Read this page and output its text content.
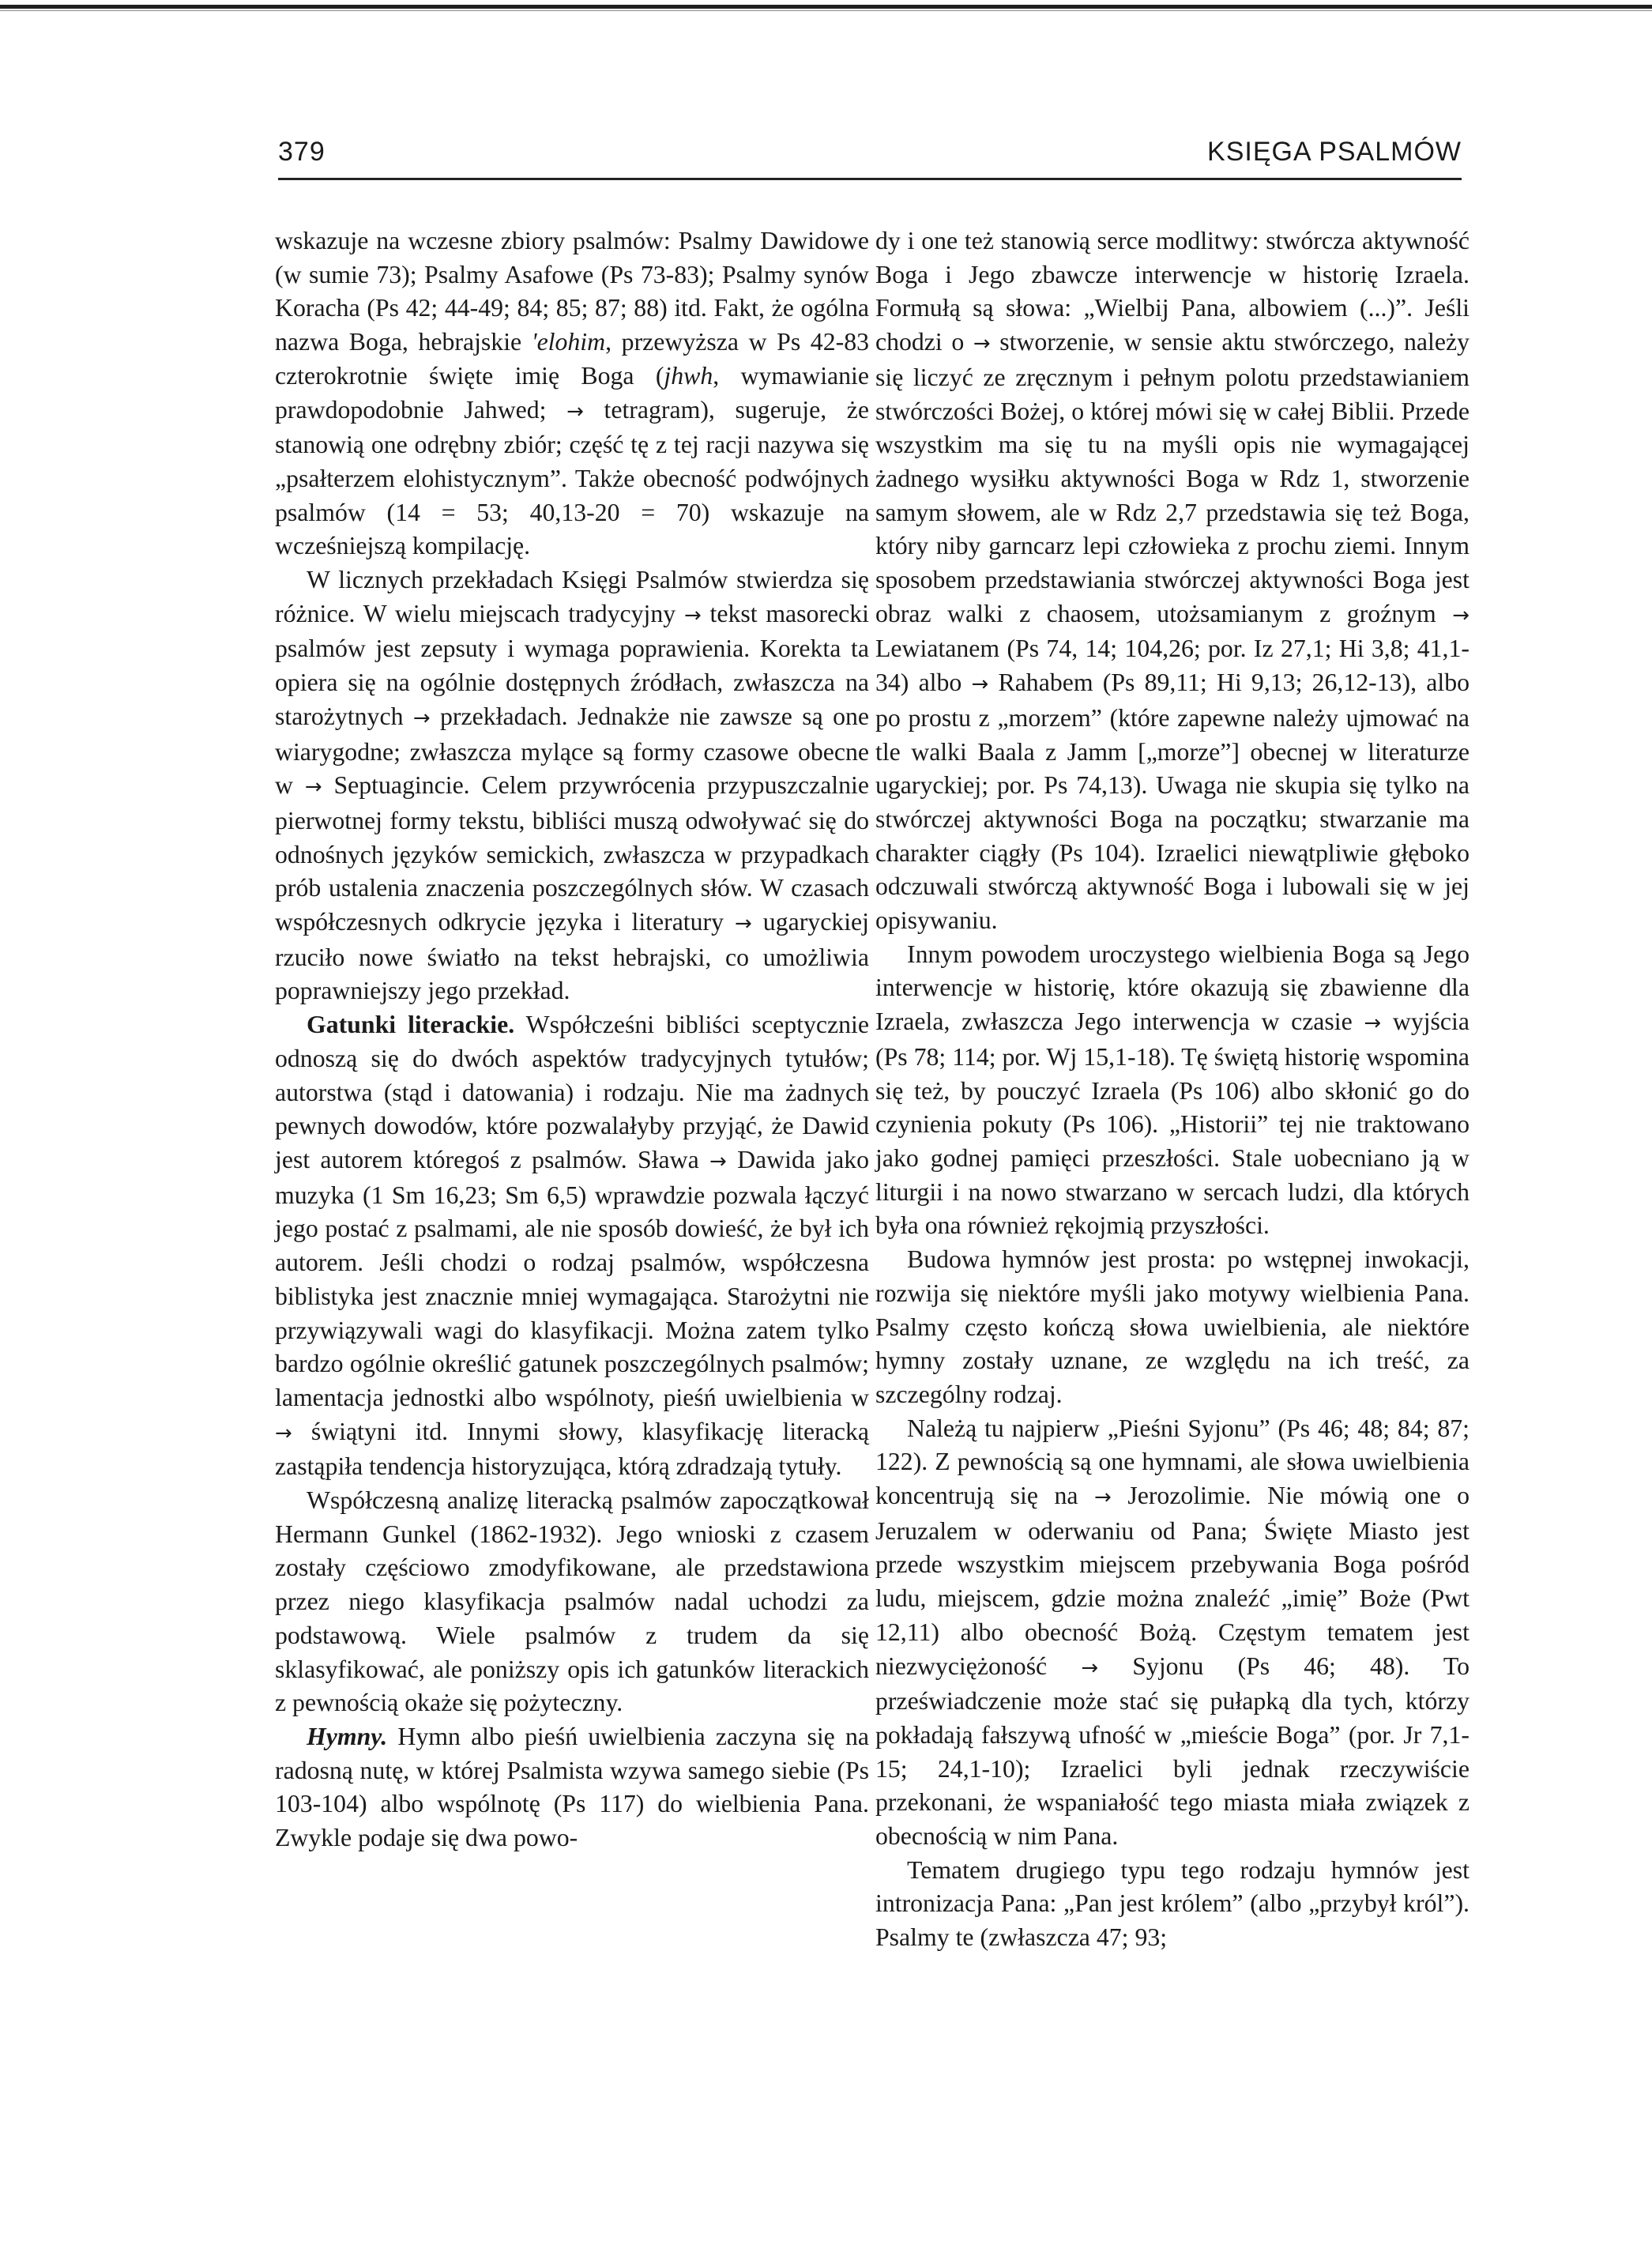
379	KSIĘGA PSALMÓW

wskazuje na wczesne zbiory psalmów: Psalmy Dawidowe (w sumie 73); Psalmy Asafowe (Ps 73-83); Psalmy synów Koracha (Ps 42; 44-49; 84; 85; 87; 88) itd. Fakt, że ogólna nazwa Boga, hebrajskie 'elohim, przewyższa w Ps 42-83 czterokrotnie święte imię Boga (jhwh, wymawianie prawdopodobnie Jahwed; → tetragram), sugeruje, że stanowią one odrębny zbiór; część tę z tej racji nazywa się „psałterzem elohistycznym”. Także obecność podwójnych psalmów (14 = 53; 40,13-20 = 70) wskazuje na wcześniejszą kompilację.

W licznych przekładach Księgi Psalmów stwierdza się różnice. W wielu miejscach tradycyjny → tekst masorecki psalmów jest zepsuty i wymaga poprawienia. Korekta ta opiera się na ogólnie dostępnych źródłach, zwłaszcza na starożytnych → przekładach. Jednakże nie zawsze są one wiarygodne; zwłaszcza mylące są formy czasowe obecne w → Septuagincie. Celem przywrócenia przypuszczalnie pierwotnej formy tekstu, bibliści muszą odwoływać się do odnośnych języków semickich, zwłaszcza w przypadkach prób ustalenia znaczenia poszczególnych słów. W czasach współczesnych odkrycie języka i literatury → ugaryckiej rzuciło nowe światło na tekst hebrajski, co umożliwia poprawniejszy jego przekład.

Gatunki literackie. Współcześni bibliści sceptycznie odnoszą się do dwóch aspektów tradycyjnych tytułów; autorstwa (stąd i datowania) i rodzaju. Nie ma żadnych pewnych dowodów, które pozwalałyby przyjąć, że Dawid jest autorem któregoś z psalmów. Sława → Dawida jako muzyka (1 Sm 16,23; Sm 6,5) wprawdzie pozwala łączyć jego postać z psalmami, ale nie sposób dowieść, że był ich autorem. Jeśli chodzi o rodzaj psalmów, współczesna biblistyka jest znacznie mniej wymagająca. Starożytni nie przywiązywali wagi do klasyfikacji. Można zatem tylko bardzo ogólnie określić gatunek poszczególnych psalmów; lamentacja jednostki albo wspólnoty, pieśń uwielbienia w → świątyni itd. Innymi słowy, klasyfikację literacką zastąpiła tendencja historyzująca, którą zdradzają tytuły.

Współczesną analizę literacką psalmów zapoczątkował Hermann Gunkel (1862-1932). Jego wnioski z czasem zostały częściowo zmodyfikowane, ale przedstawiona przez niego klasyfikacja psalmów nadal uchodzi za podstawową. Wiele psalmów z trudem da się sklasyfikować, ale poniższy opis ich gatunków literackich z pewnością okaże się pożyteczny.

Hymny. Hymn albo pieśń uwielbienia zaczyna się na radosną nutę, w której Psalmista wzywa samego siebie (Ps 103-104) albo wspólnotę (Ps 117) do wielbienia Pana. Zwykle podaje się dwa powo-

dy i one też stanowią serce modlitwy: stwórcza aktywność Boga i Jego zbawcze interwencje w historię Izraela. Formułą są słowa: „Wielbij Pana, albowiem (...)”. Jeśli chodzi o → stworzenie, w sensie aktu stwórczego, należy się liczyć ze zręcznym i pełnym polotu przedstawianiem stwórczości Bożej, o której mówi się w całej Biblii. Przede wszystkim ma się tu na myśli opis nie wymagającej żadnego wysiłku aktywności Boga w Rdz 1, stworzenie samym słowem, ale w Rdz 2,7 przedstawia się też Boga, który niby garncarz lepi człowieka z prochu ziemi. Innym sposobem przedstawiania stwórczej aktywności Boga jest obraz walki z chaosem, utożsamianym z groźnym → Lewiatanem (Ps 74, 14; 104,26; por. Iz 27,1; Hi 3,8; 41,1-34) albo → Rahabem (Ps 89,11; Hi 9,13; 26,12-13), albo po prostu z „morzem” (które zapewne należy ujmować na tle walki Baala z Jamm [„morze”] obecnej w literaturze ugaryckiej; por. Ps 74,13). Uwaga nie skupia się tylko na stwórczej aktywności Boga na początku; stwarzanie ma charakter ciągły (Ps 104). Izraelici niewątpliwie głęboko odczuwali stwórczą aktywność Boga i lubowali się w jej opisywaniu.

Innym powodem uroczystego wielbienia Boga są Jego interwencje w historię, które okazują się zbawienne dla Izraela, zwłaszcza Jego interwencja w czasie → wyjścia (Ps 78; 114; por. Wj 15,1-18). Tę świętą historię wspomina się też, by pouczyć Izraela (Ps 106) albo skłonić go do czynienia pokuty (Ps 106). „Historii” tej nie traktowano jako godnej pamięci przeszłości. Stale uobecniano ją w liturgii i na nowo stwarzano w sercach ludzi, dla których była ona również rękojmią przyszłości.

Budowa hymnów jest prosta: po wstępnej inwokacji, rozwija się niektóre myśli jako motywy wielbienia Pana. Psalmy często kończą słowa uwielbienia, ale niektóre hymny zostały uznane, ze względu na ich treść, za szczególny rodzaj.

Należą tu najpierw „Pieśni Syjonu” (Ps 46; 48; 84; 87; 122). Z pewnością są one hymnami, ale słowa uwielbienia koncentrują się na → Jerozolimie. Nie mówią one o Jeruzalem w oderwaniu od Pana; Święte Miasto jest przede wszystkim miejscem przebywania Boga pośród ludu, miejscem, gdzie można znaleźć „imię” Boże (Pwt 12,11) albo obecność Bożą. Częstym tematem jest niezwyciężoność → Syjonu (Ps 46; 48). To przeświadczenie może stać się pułapką dla tych, którzy pokładają fałszywą ufność w „mieście Boga” (por. Jr 7,1-15; 24,1-10); Izraelici byli jednak rzeczywiście przekonani, że wspaniałość tego miasta miała związek z obecnością w nim Pana.

Tematem drugiego typu tego rodzaju hymnów jest intronizacja Pana: „Pan jest królem” (albo „przybył król”). Psalmy te (zwłaszcza 47; 93;
